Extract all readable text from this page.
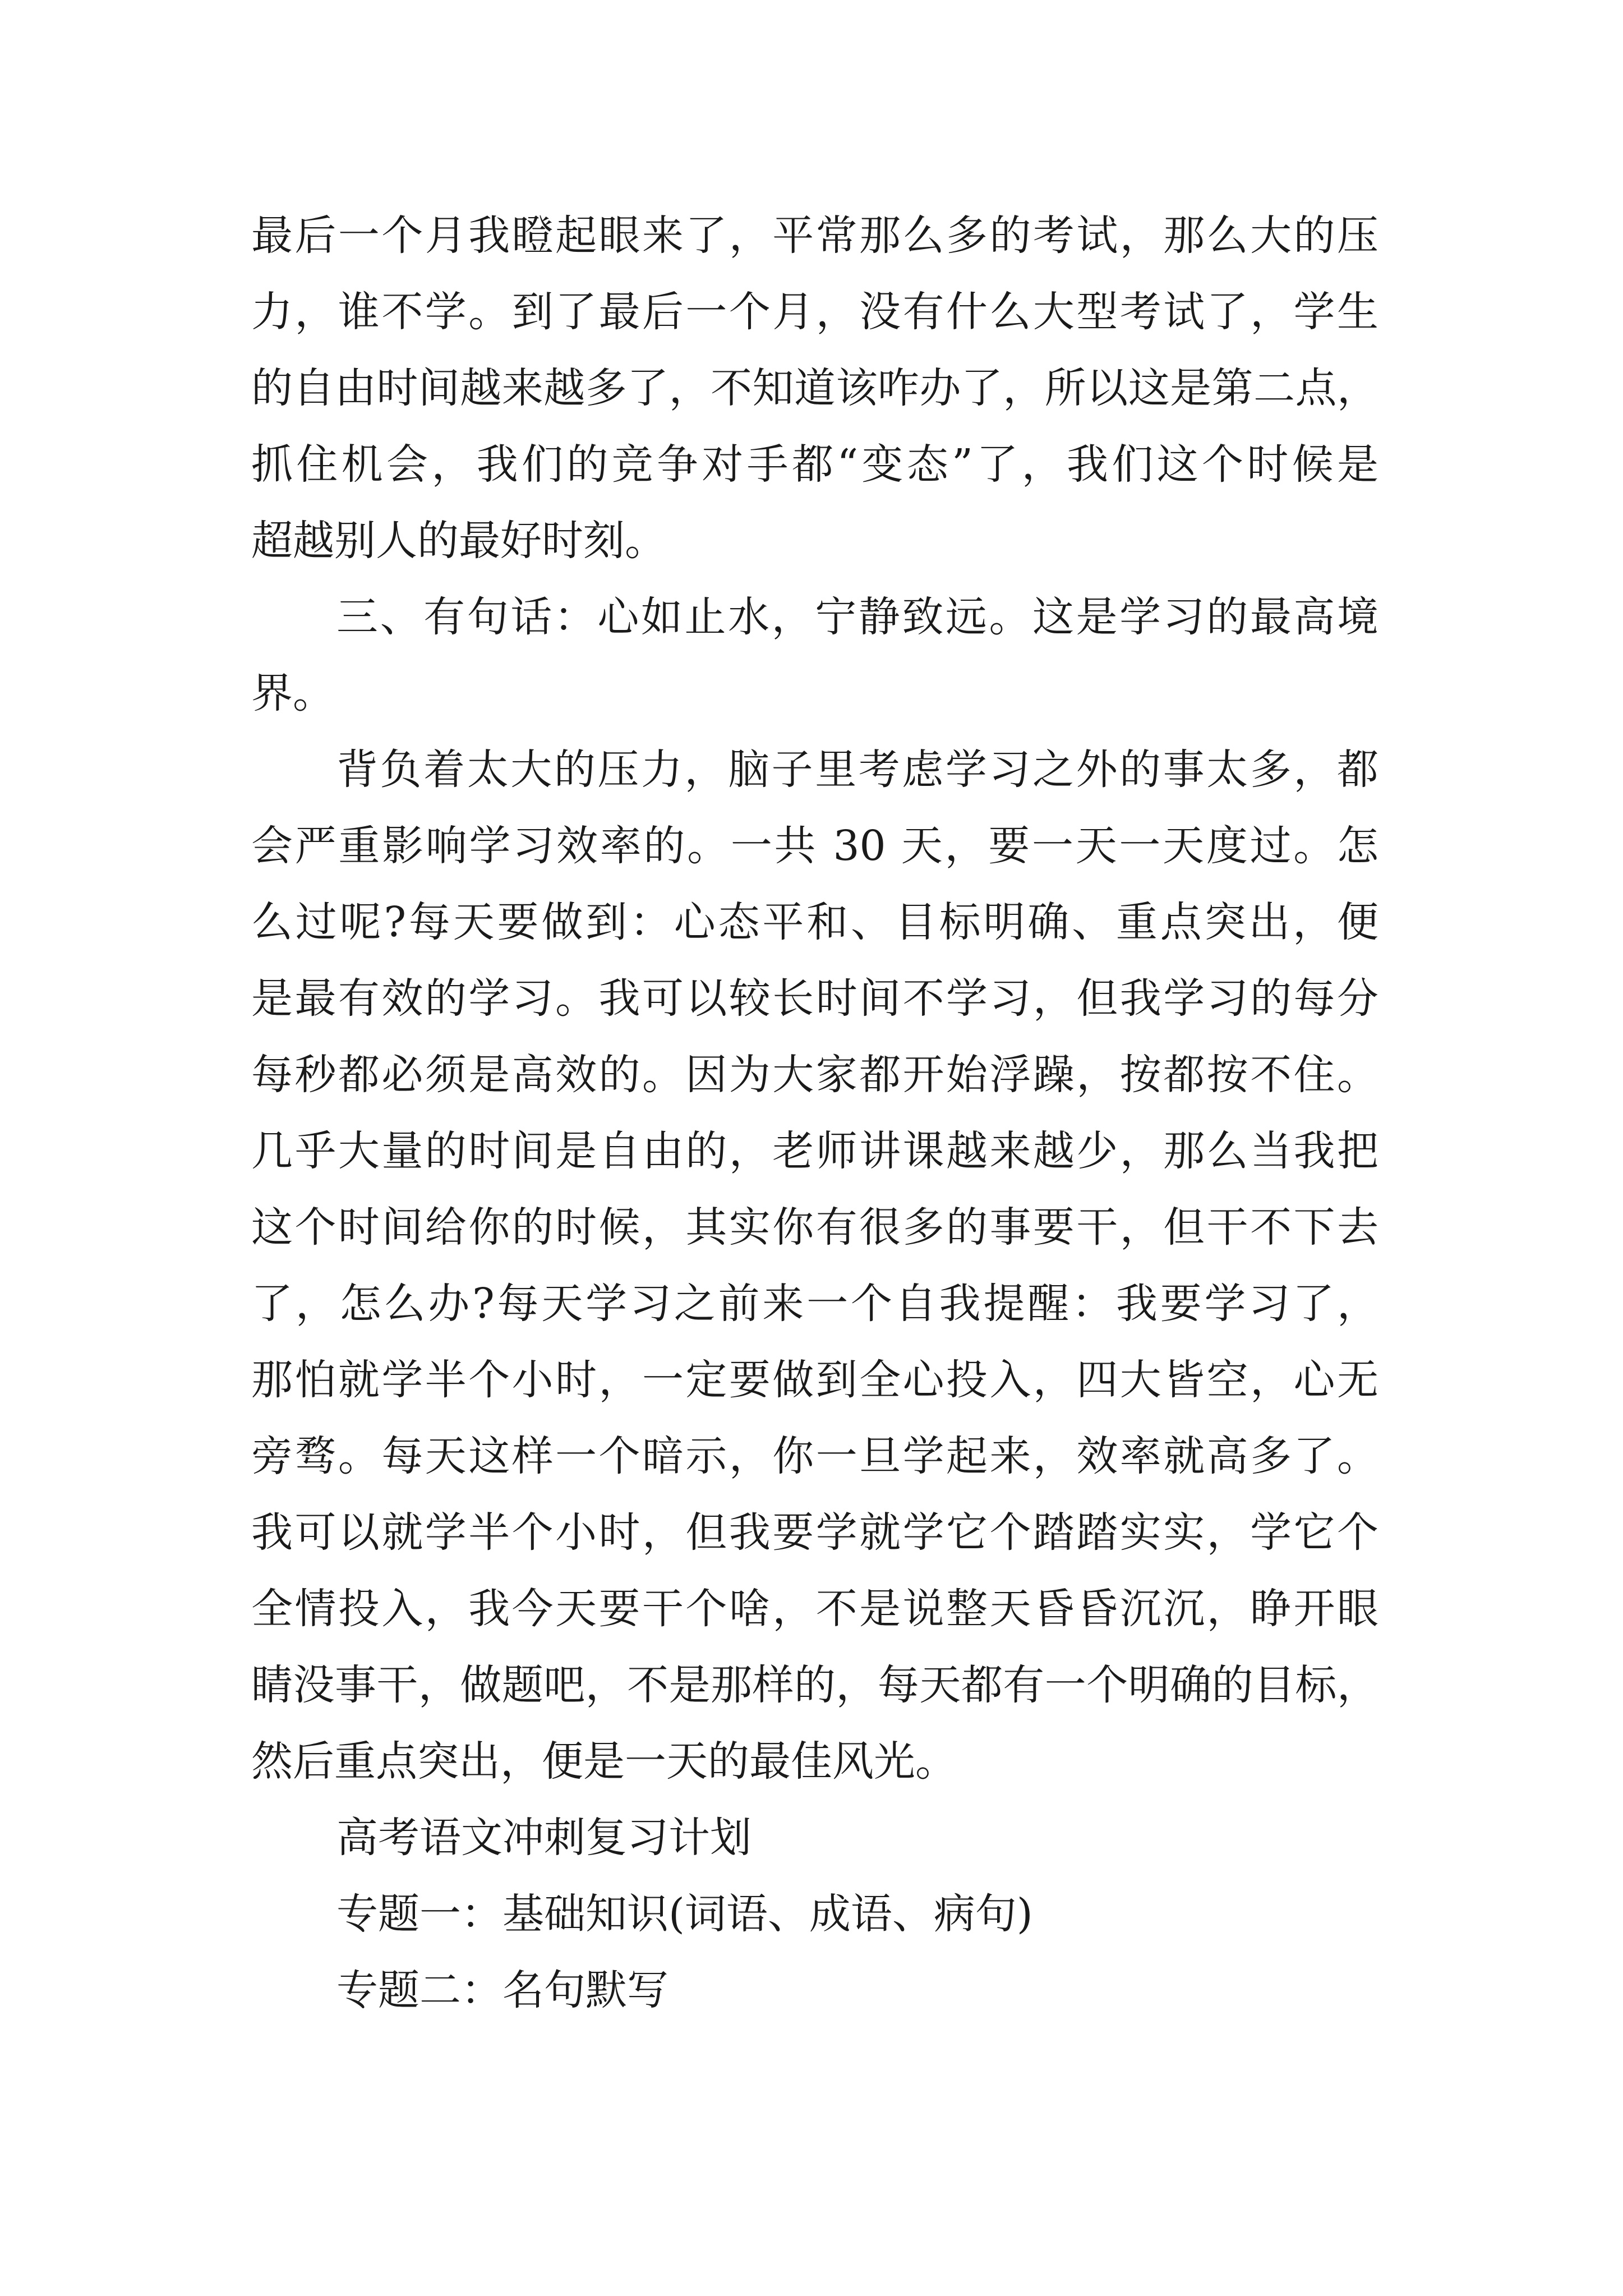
最后一个月我瞪起眼来了，平常那么多的考试，那么大的压
力，谁不学。到了最后一个月，没有什么大型考试了，学生
的自由时间越来越多了，不知道该咋办了，所以这是第二点，
抓住机会，我们的竞争对手都“变态”了，我们这个时候是
超越别人的最好时刻。
三、有句话：心如止水，宁静致远。这是学习的最高境
界。
背负着太大的压力，脑子里考虑学习之外的事太多，都
会严重影响学习效率的。一共 30 天，要一天一天度过。怎
么过呢?每天要做到：心态平和、目标明确、重点突出，便
是最有效的学习。我可以较长时间不学习，但我学习的每分
每秒都必须是高效的。因为大家都开始浮躁，按都按不住。
几乎大量的时间是自由的，老师讲课越来越少，那么当我把
这个时间给你的时候，其实你有很多的事要干，但干不下去
了，怎么办?每天学习之前来一个自我提醒：我要学习了，
那怕就学半个小时，一定要做到全心投入，四大皆空，心无
旁骛。每天这样一个暗示，你一旦学起来，效率就高多了。
我可以就学半个小时，但我要学就学它个踏踏实实，学它个
全情投入，我今天要干个啥，不是说整天昏昏沉沉，睁开眼
睛没事干，做题吧，不是那样的，每天都有一个明确的目标，
然后重点突出，便是一天的最佳风光。
高考语文冲刺复习计划
专题一：基础知识(词语、成语、病句)
专题二：名句默写
